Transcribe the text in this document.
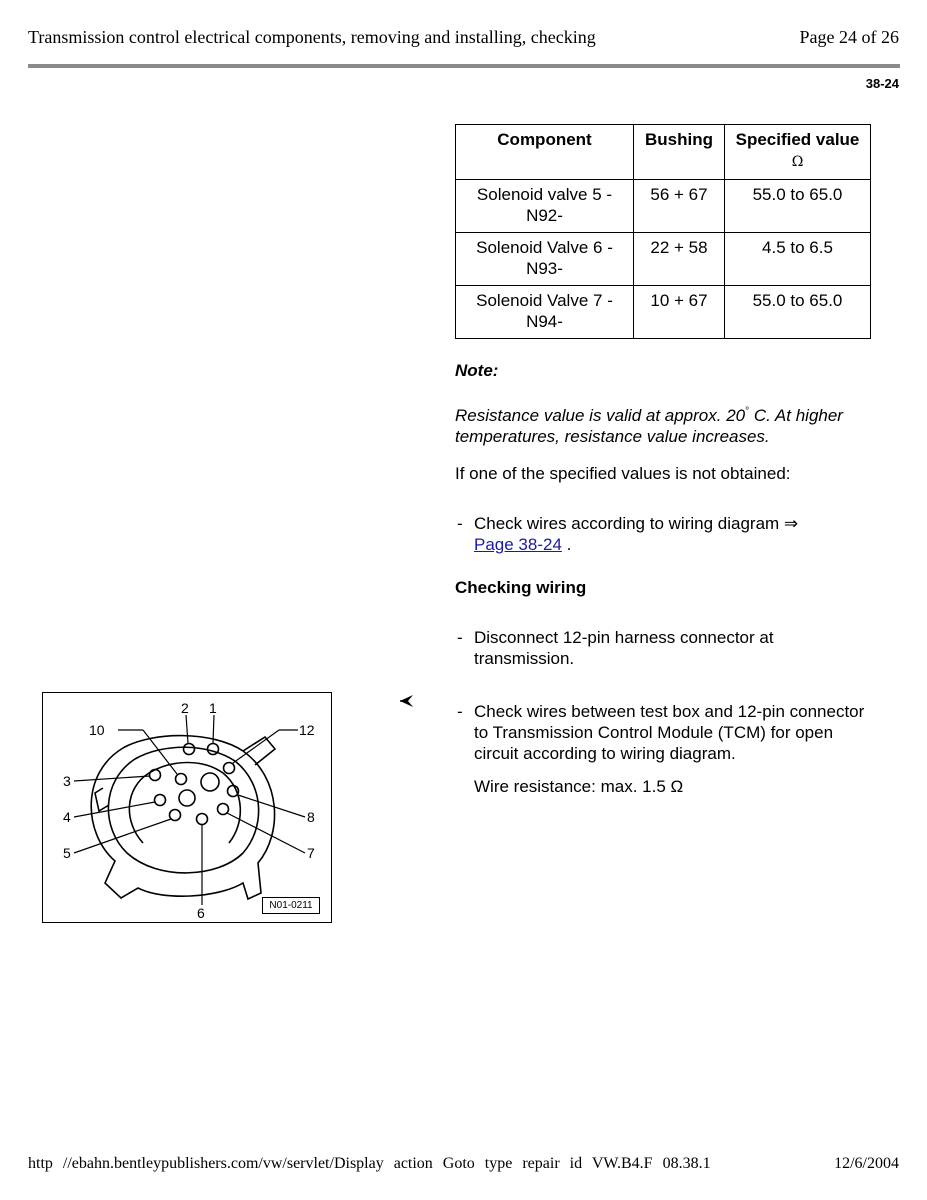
Transmission control electrical components, removing and installing, checking	Page 24 of 26
38-24
Component	Bushing	Specified value
Ω
Solenoid valve 5 - N92-	56 + 67	55.0 to 65.0
Solenoid Valve 6 - N93-	22 + 58	4.5 to 6.5
Solenoid Valve 7 - N94-	10 + 67	55.0 to 65.0
Note:
Resistance value is valid at approx. 20° C. At higher temperatures, resistance value increases.
If one of the specified values is not obtained:
- Check wires according to wiring diagram ⇒
Page 38-24 .
Checking wiring
- Disconnect 12-pin harness connector at transmission.
- Check wires between test box and 12-pin connector to Transmission Control Module (TCM) for open circuit according to wiring diagram.
Wire resistance: max. 1.5 Ω
2 1
10	12
3
4
5
8
7
6	N01-0211
http //ebahn.bentleypublishers.com/vw/servlet/Display action Goto type repair id VW.B4.F 08.38.1	12/6/2004
